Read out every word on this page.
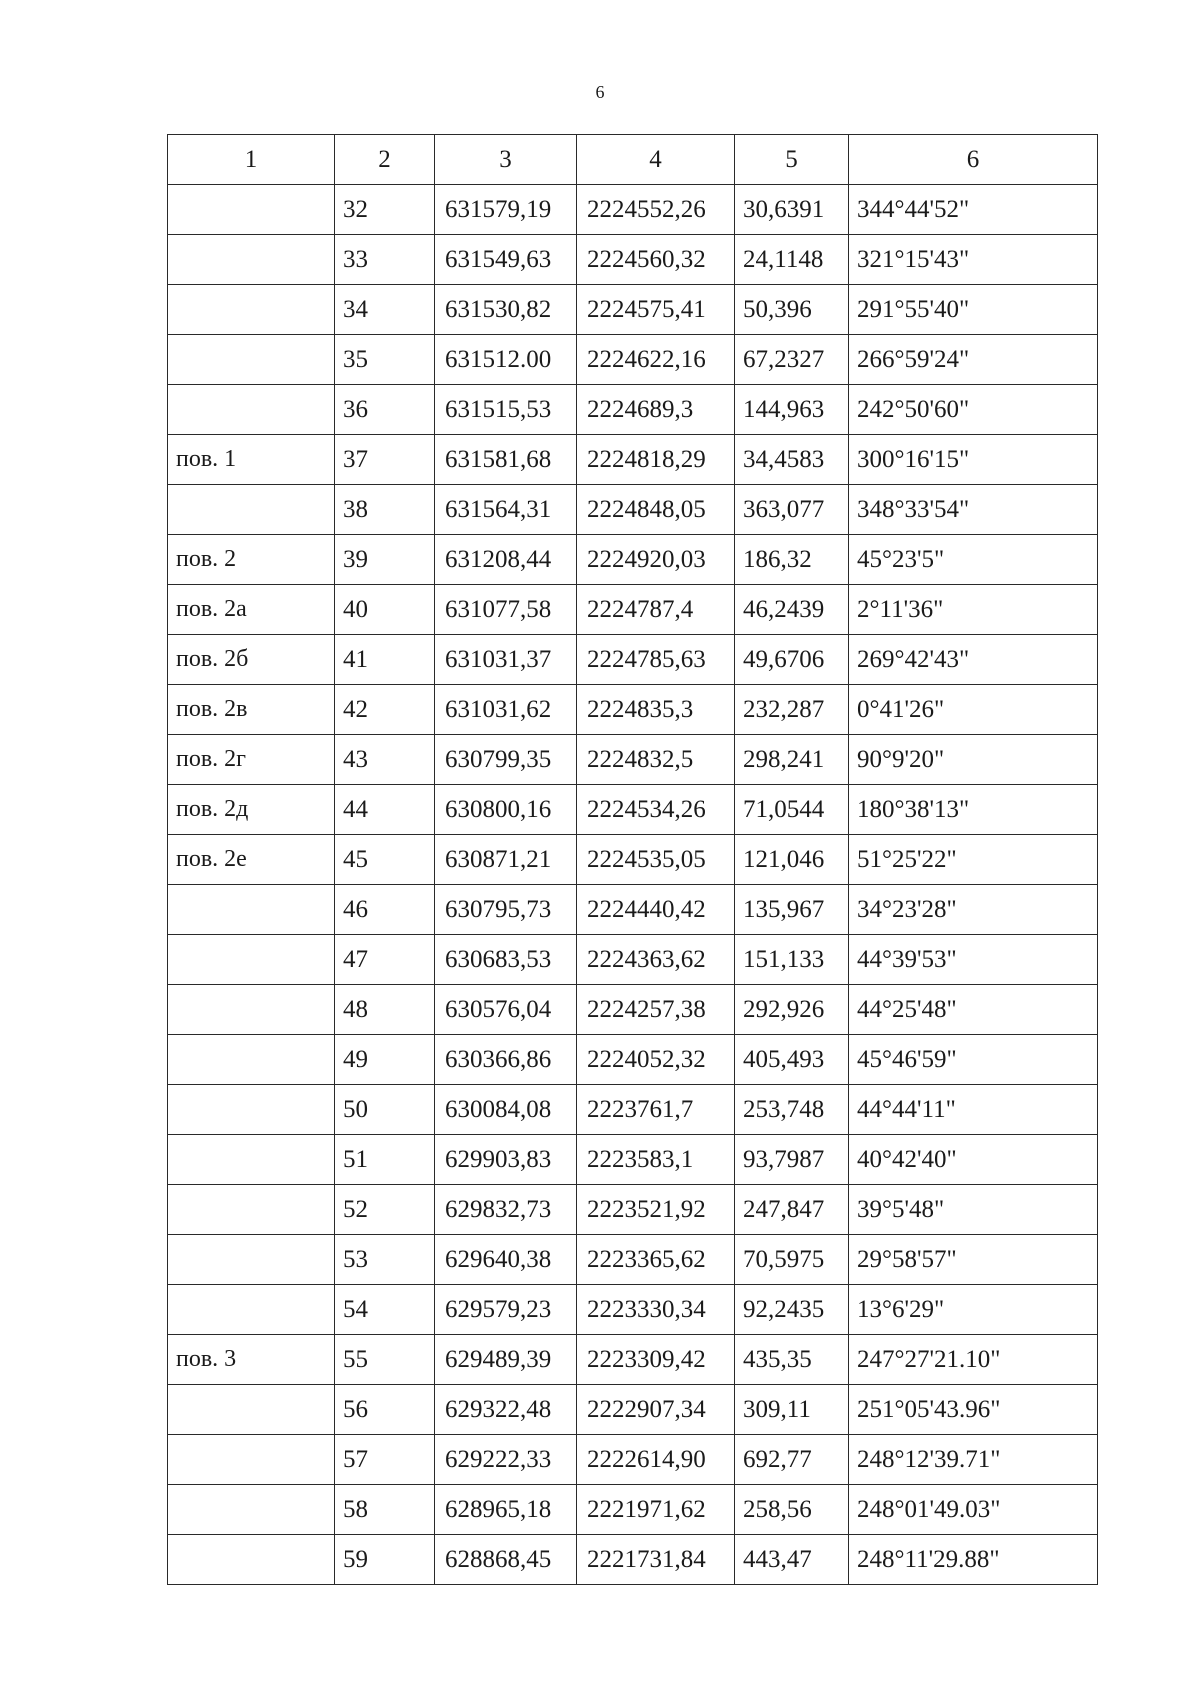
6
1	2	3	4	5	6
	32	631579,19	2224552,26	30,6391	344°44'52"
	33	631549,63	2224560,32	24,1148	321°15'43"
	34	631530,82	2224575,41	50,396	291°55'40"
	35	631512.00	2224622,16	67,2327	266°59'24"
	36	631515,53	2224689,3	144,963	242°50'60"
пов. 1	37	631581,68	2224818,29	34,4583	300°16'15"
	38	631564,31	2224848,05	363,077	348°33'54"
пов. 2	39	631208,44	2224920,03	186,32	45°23'5"
пов. 2а	40	631077,58	2224787,4	46,2439	2°11'36"
пов. 2б	41	631031,37	2224785,63	49,6706	269°42'43"
пов. 2в	42	631031,62	2224835,3	232,287	0°41'26"
пов. 2г	43	630799,35	2224832,5	298,241	90°9'20"
пов. 2д	44	630800,16	2224534,26	71,0544	180°38'13"
пов. 2е	45	630871,21	2224535,05	121,046	51°25'22"
	46	630795,73	2224440,42	135,967	34°23'28"
	47	630683,53	2224363,62	151,133	44°39'53"
	48	630576,04	2224257,38	292,926	44°25'48"
	49	630366,86	2224052,32	405,493	45°46'59"
	50	630084,08	2223761,7	253,748	44°44'11"
	51	629903,83	2223583,1	93,7987	40°42'40"
	52	629832,73	2223521,92	247,847	39°5'48"
	53	629640,38	2223365,62	70,5975	29°58'57"
	54	629579,23	2223330,34	92,2435	13°6'29"
пов. 3	55	629489,39	2223309,42	435,35	247°27'21.10"
	56	629322,48	2222907,34	309,11	251°05'43.96"
	57	629222,33	2222614,90	692,77	248°12'39.71"
	58	628965,18	2221971,62	258,56	248°01'49.03"
	59	628868,45	2221731,84	443,47	248°11'29.88"
